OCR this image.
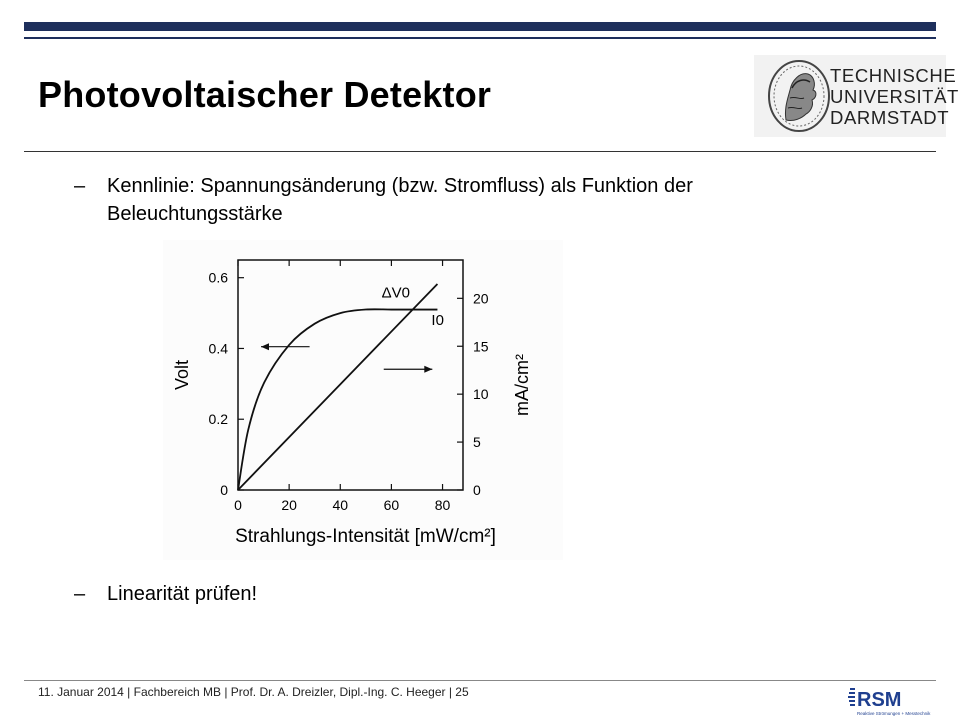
Photovoltaischer Detektor	TECHNISCHE
UNIVERSITÄT
DARMSTADT
– Kennlinie: Spannungsänderung (bzw. Stromfluss) als Funktion der
Beleuchtungsstärke
0	20	40	60	80
0
0.2
0.4
0.6
0
5
10
15
20
ΔV0
I0
Volt	mA/cm²
Strahlungs-Intensität [mW/cm²]
– Linearität prüfen!
11. Januar 2014 | Fachbereich MB | Prof. Dr. A. Dreizler, Dipl.-Ing. C. Heeger | 25	RSM
Reaktive Strömungen + Messtechnik
